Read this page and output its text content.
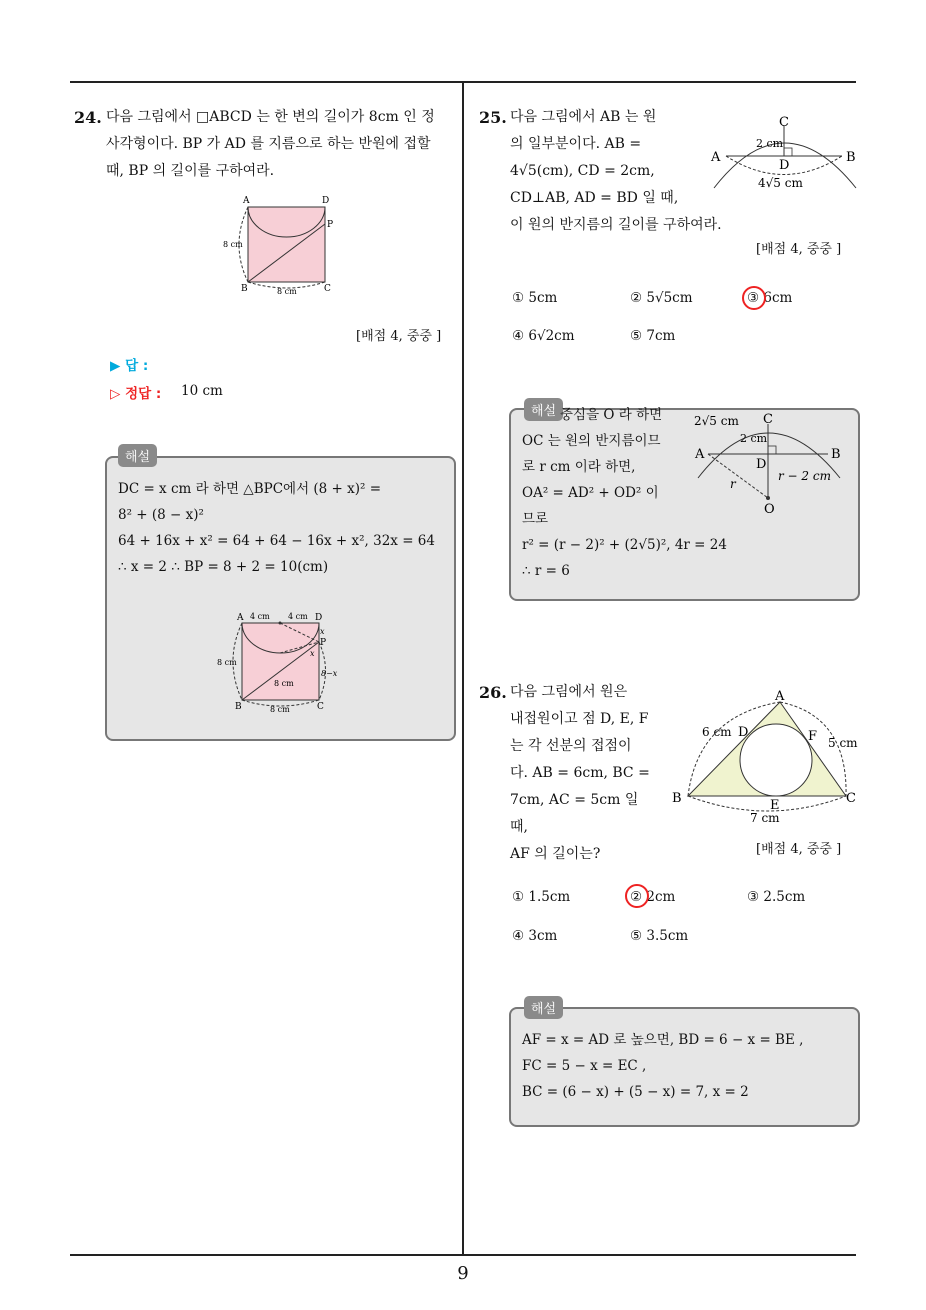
9
24. 다음 그림에서 □ABCD 는 한 변의 길이가 8cm 인 정
사각형이다. BP 가 AD 를 지름으로 하는 반원에 접할
때, BP 의 길이를 구하여라.
A	D
P
B	C
8 cm
8 cm
[배점 4, 중중 ]
▶ 답 :
▷ 정답 : 10 cm
해설
DC = x cm 라 하면 △BPC에서 (8 + x)² =
8² + (8 − x)²
64 + 16x + x² = 64 + 64 − 16x + x², 32x = 64
∴ x = 2 ∴ BP = 8 + 2 = 10(cm)
A	D
P
B	C
4 cm 4 cm
8 cm
8 cm
8 cm
x
x
8−x
25. 다음 그림에서 AB 는 원
의 일부분이다. AB =
4√5(cm), CD = 2cm,
CD⊥AB, AD = BD 일 때,
이 원의 반지름의 길이를 구하여라.
A	B
C
D
2 cm
4√5 cm
[배점 4, 중중 ]
① 5cm	② 5√5cm	③ 6cm
④ 6√2cm	⑤ 7cm
해설 중심을 O 라 하면
OC 는 원의 반지름이므
로 r cm 이라 하면,
OA² = AD² + OD² 이
므로
r² = (r − 2)² + (2√5)², 4r = 24
∴ r = 6
A	B
C
D
O
2√5 cm
2 cm
r − 2 cm
r
26. 다음 그림에서 원은
내접원이고 점 D, E, F
는 각 선분의 접점이
다. AB = 6cm, BC =
7cm, AC = 5cm 일 때,
AF 의 길이는?
A
B	C
D
E
F
6 cm
5 cm
7 cm
[배점 4, 중중 ]
① 1.5cm	② 2cm	③ 2.5cm
④ 3cm	⑤ 3.5cm
해설
AF = x = AD 로 높으면, BD = 6 − x = BE ,
FC = 5 − x = EC ,
BC = (6 − x) + (5 − x) = 7, x = 2
